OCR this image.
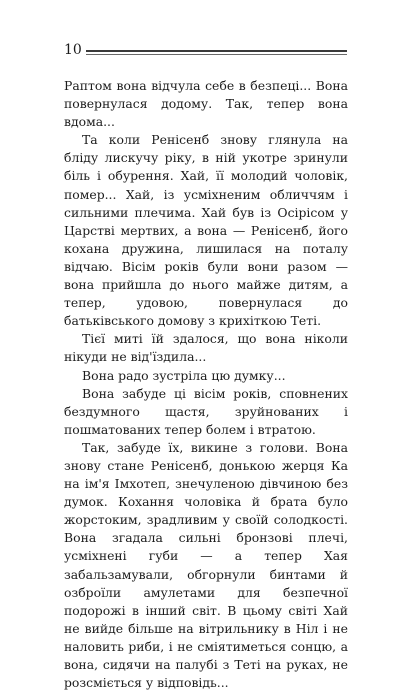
10

Раптом вона відчула себе в безпеці... Вона повернулася додому. Так, тепер вона вдома...

Та коли Ренісенб знову глянула на бліду лискучу ріку, в ній укотре зринули біль і обурення. Хай, її молодий чоловік, помер... Хай, із усміхненим обличчям і сильними плечима. Хай був із Осірісом у Царстві мертвих, а вона — Ренісенб, його кохана дружина, лишилася на поталу відчаю. Вісім років були вони разом — вона прийшла до нього майже дитям, а тепер, удовою, повернулася до батьківського домову з крихіткою Теті.

Тієї миті їй здалося, що вона ніколи нікуди не від'їздила...

Вона радо зустріла цю думку...

Вона забуде ці вісім років, сповнених бездумного щастя, зруйнованих і пошматованих тепер болем і втратою.

Так, забуде їх, викине з голови. Вона знову стане Ренісенб, донькою жерця Ка на ім'я Імхотеп, знечуленою дівчиною без думок. Кохання чоловіка й брата було жорстоким, зрадливим у своїй солодкості. Вона згадала сильні бронзові плечі, усміхнені губи — а тепер Хая забальзамували, обгорнули бинтами й озброїли амулетами для безпечної подорожі в інший світ. В цьому світі Хай не вийде більше на вітрильнику в Ніл і не наловить риби, і не сміятиметься сонцю, а вона, сидячи на палубі з Теті на руках, не розсміється у відповідь...
